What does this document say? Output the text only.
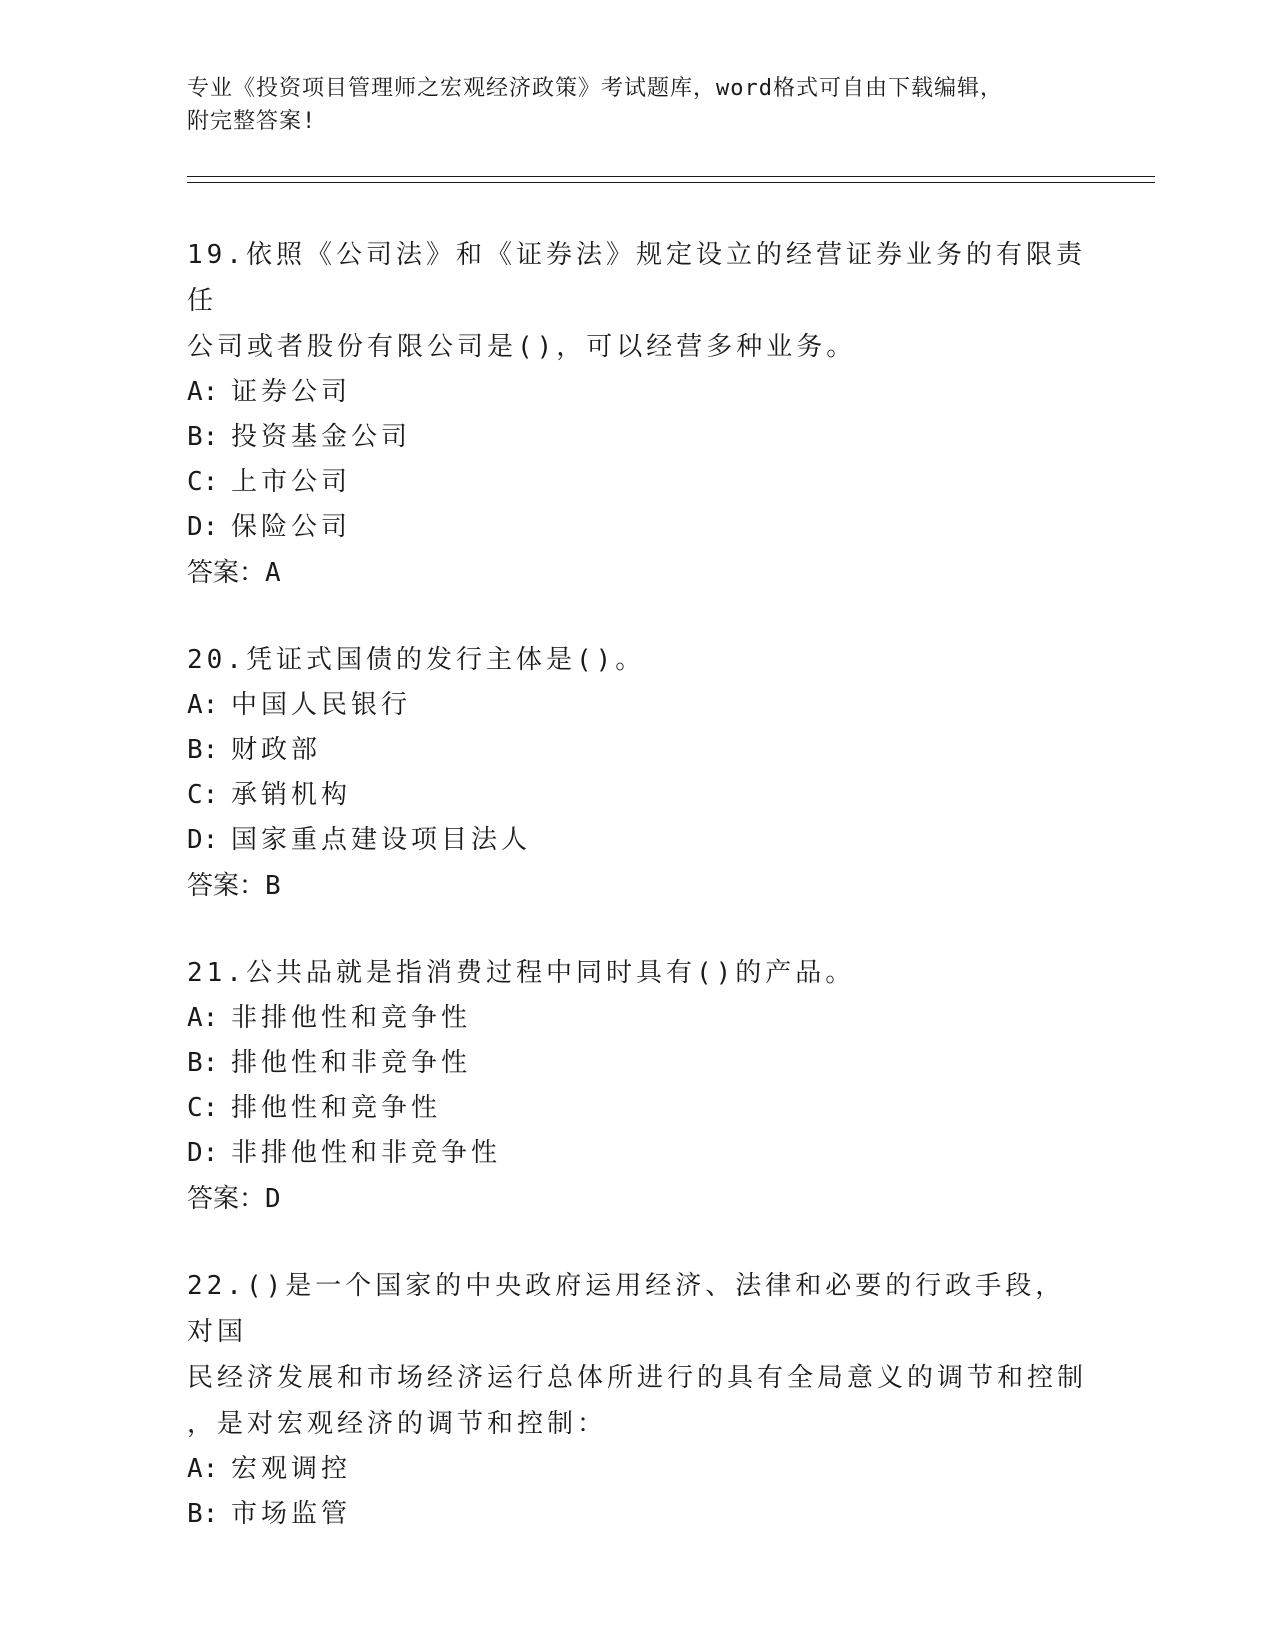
专业《投资项目管理师之宏观经济政策》考试题库，word格式可自由下载编辑，
附完整答案!

19.依照《公司法》和《证券法》规定设立的经营证券业务的有限责任

公司或者股份有限公司是()，可以经营多种业务。

A: 证券公司

B: 投资基金公司

C: 上市公司

D: 保险公司

答案：A

20.凭证式国债的发行主体是()。

A: 中国人民银行

B: 财政部

C: 承销机构

D: 国家重点建设项目法人

答案：B

21.公共品就是指消费过程中同时具有()的产品。

A: 非排他性和竞争性

B: 排他性和非竞争性

C: 排他性和竞争性

D: 非排他性和非竞争性

答案：D

22.()是一个国家的中央政府运用经济、法律和必要的行政手段，对国

民经济发展和市场经济运行总体所进行的具有全局意义的调节和控制

，是对宏观经济的调节和控制：

A: 宏观调控

B: 市场监管
